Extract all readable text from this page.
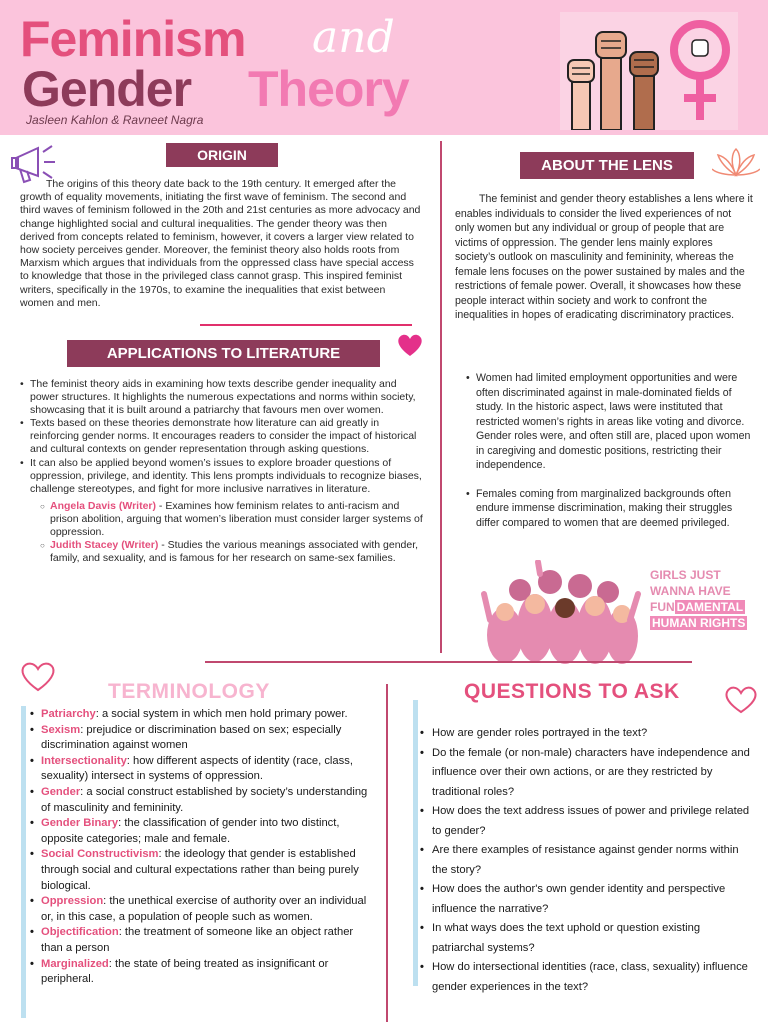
Feminism and
Gender Theory
Jasleen Kahlon & Ravneet Nagra
ORIGIN
The origins of this theory date back to the 19th century. It emerged after the growth of equality movements, initiating the first wave of feminism. The second and third waves of feminism followed in the 20th and 21st centuries as more advocacy and change highlighted social and cultural inequalities. The gender theory was then derived from concepts related to feminism, however, it covers a larger view related to how society perceives gender. Moreover, the feminist theory also holds roots from Marxism which argues that individuals from the oppressed class have special access to knowledge that those in the privileged class cannot grasp. This inspired feminist writers, specifically in the 1970s, to examine the inequalities that exist between women and men.
ABOUT THE LENS
The feminist and gender theory establishes a lens where it enables individuals to consider the lived experiences of not only women but any individual or group of people that are victims of oppression. The gender lens mainly explores society’s outlook on masculinity and femininity, whereas the female lens focuses on the power sustained by males and the restrictions of female power. Overall, it showcases how these people interact within society and work to confront the inequalities in hopes of eradicating discriminatory practices.
• Women had limited employment opportunities and were often discriminated against in male-dominated fields of study. In the historic aspect, laws were instituted that restricted women’s rights in areas like voting and divorce. Gender roles were, and often still are, placed upon women in caregiving and domestic positions, restricting their independence.
• Females coming from marginalized backgrounds often endure immense discrimination, making their struggles differ compared to women that are deemed privileged.
APPLICATIONS TO LITERATURE
• The feminist theory aids in examining how texts describe gender inequality and power structures. It highlights the numerous expectations and norms within society, showcasing that it is built around a patriarchy that favours men over women.
• Texts based on these theories demonstrate how literature can aid greatly in reinforcing gender norms. It encourages readers to consider the impact of historical and cultural contexts on gender representation through asking questions.
• It can also be applied beyond women’s issues to explore broader questions of oppression, privilege, and identity. This lens prompts individuals to recognize biases, challenge stereotypes, and fight for more inclusive narratives in literature.
○ Angela Davis (Writer) - Examines how feminism relates to anti-racism and prison abolition, arguing that women’s liberation must consider larger systems of oppression.
○ Judith Stacey (Writer) - Studies the various meanings associated with gender, family, and sexuality, and is famous for her research on same-sex families.
GIRLS JUST
WANNA HAVE
FUN DAMENTAL
HUMAN RIGHTS
TERMINOLOGY
• Patriarchy: a social system in which men hold primary power.
• Sexism: prejudice or discrimination based on sex; especially discrimination against women
• Intersectionality: how different aspects of identity (race, class, sexuality) intersect in systems of oppression.
• Gender: a social construct established by society’s understanding of masculinity and femininity.
• Gender Binary: the classification of gender into two distinct, opposite categories; male and female.
• Social Constructivism: the ideology that gender is established through social and cultural expectations rather than being purely biological.
• Oppression: the unethical exercise of authority over an individual or, in this case, a population of people such as women.
• Objectification: the treatment of someone like an object rather than a person
• Marginalized: the state of being treated as insignificant or peripheral.
QUESTIONS TO ASK
• How are gender roles portrayed in the text?
• Do the female (or non-male) characters have independence and influence over their own actions, or are they restricted by traditional roles?
• How does the text address issues of power and privilege related to gender?
• Are there examples of resistance against gender norms within the story?
• How does the author's own gender identity and perspective influence the narrative?
• In what ways does the text uphold or question existing patriarchal systems?
• How do intersectional identities (race, class, sexuality) influence gender experiences in the text?
